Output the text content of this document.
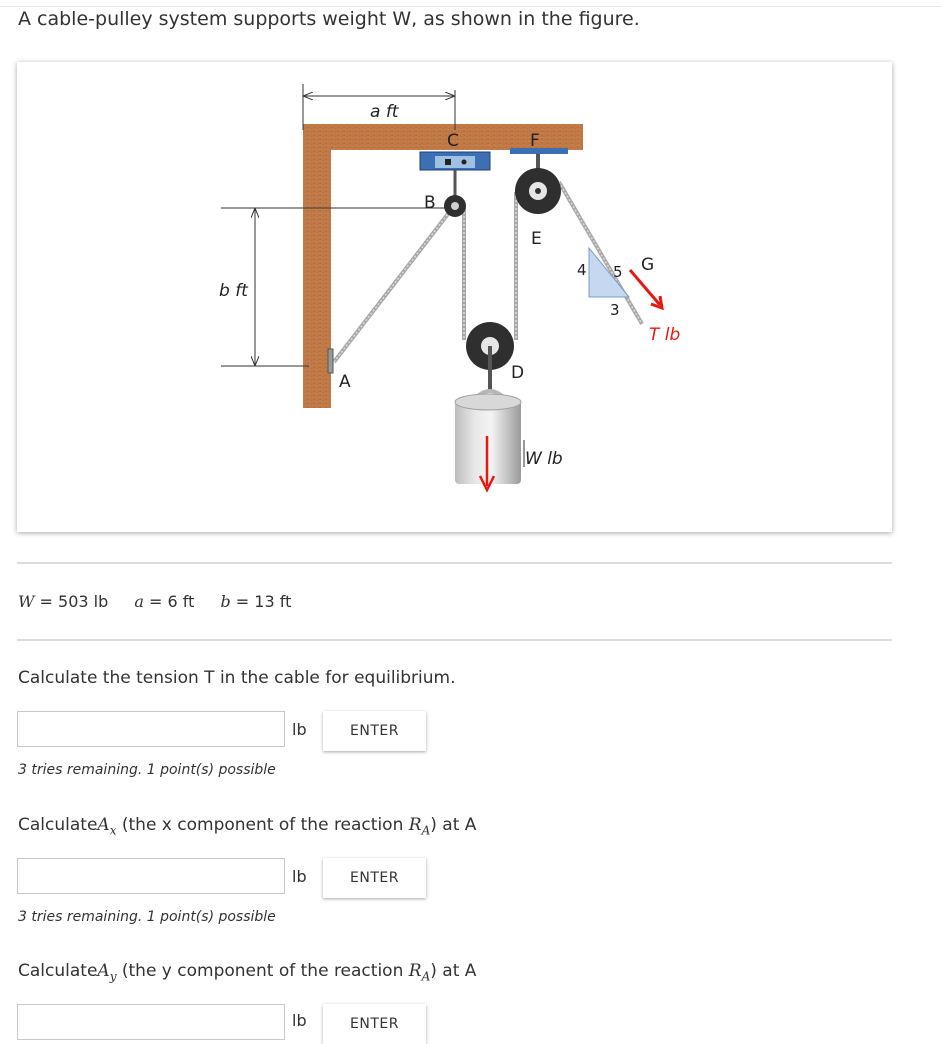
A cable-pulley system supports weight W, as shown in the figure.
a ft
b ft
C
B
F
E
D
W lb
A
4 5
3
G
T lb
W = 503 lb a = 6 ft b = 13 ft
Calculate the tension T in the cable for equilibrium.
lb	ENTER
3 tries remaining. 1 point(s) possible
CalculateA$_x$ (the x component of the reaction $R_A$) at A
lb	ENTER
3 tries remaining. 1 point(s) possible
CalculateA$_y$ (the y component of the reaction $R_A$) at A
lb	ENTER
